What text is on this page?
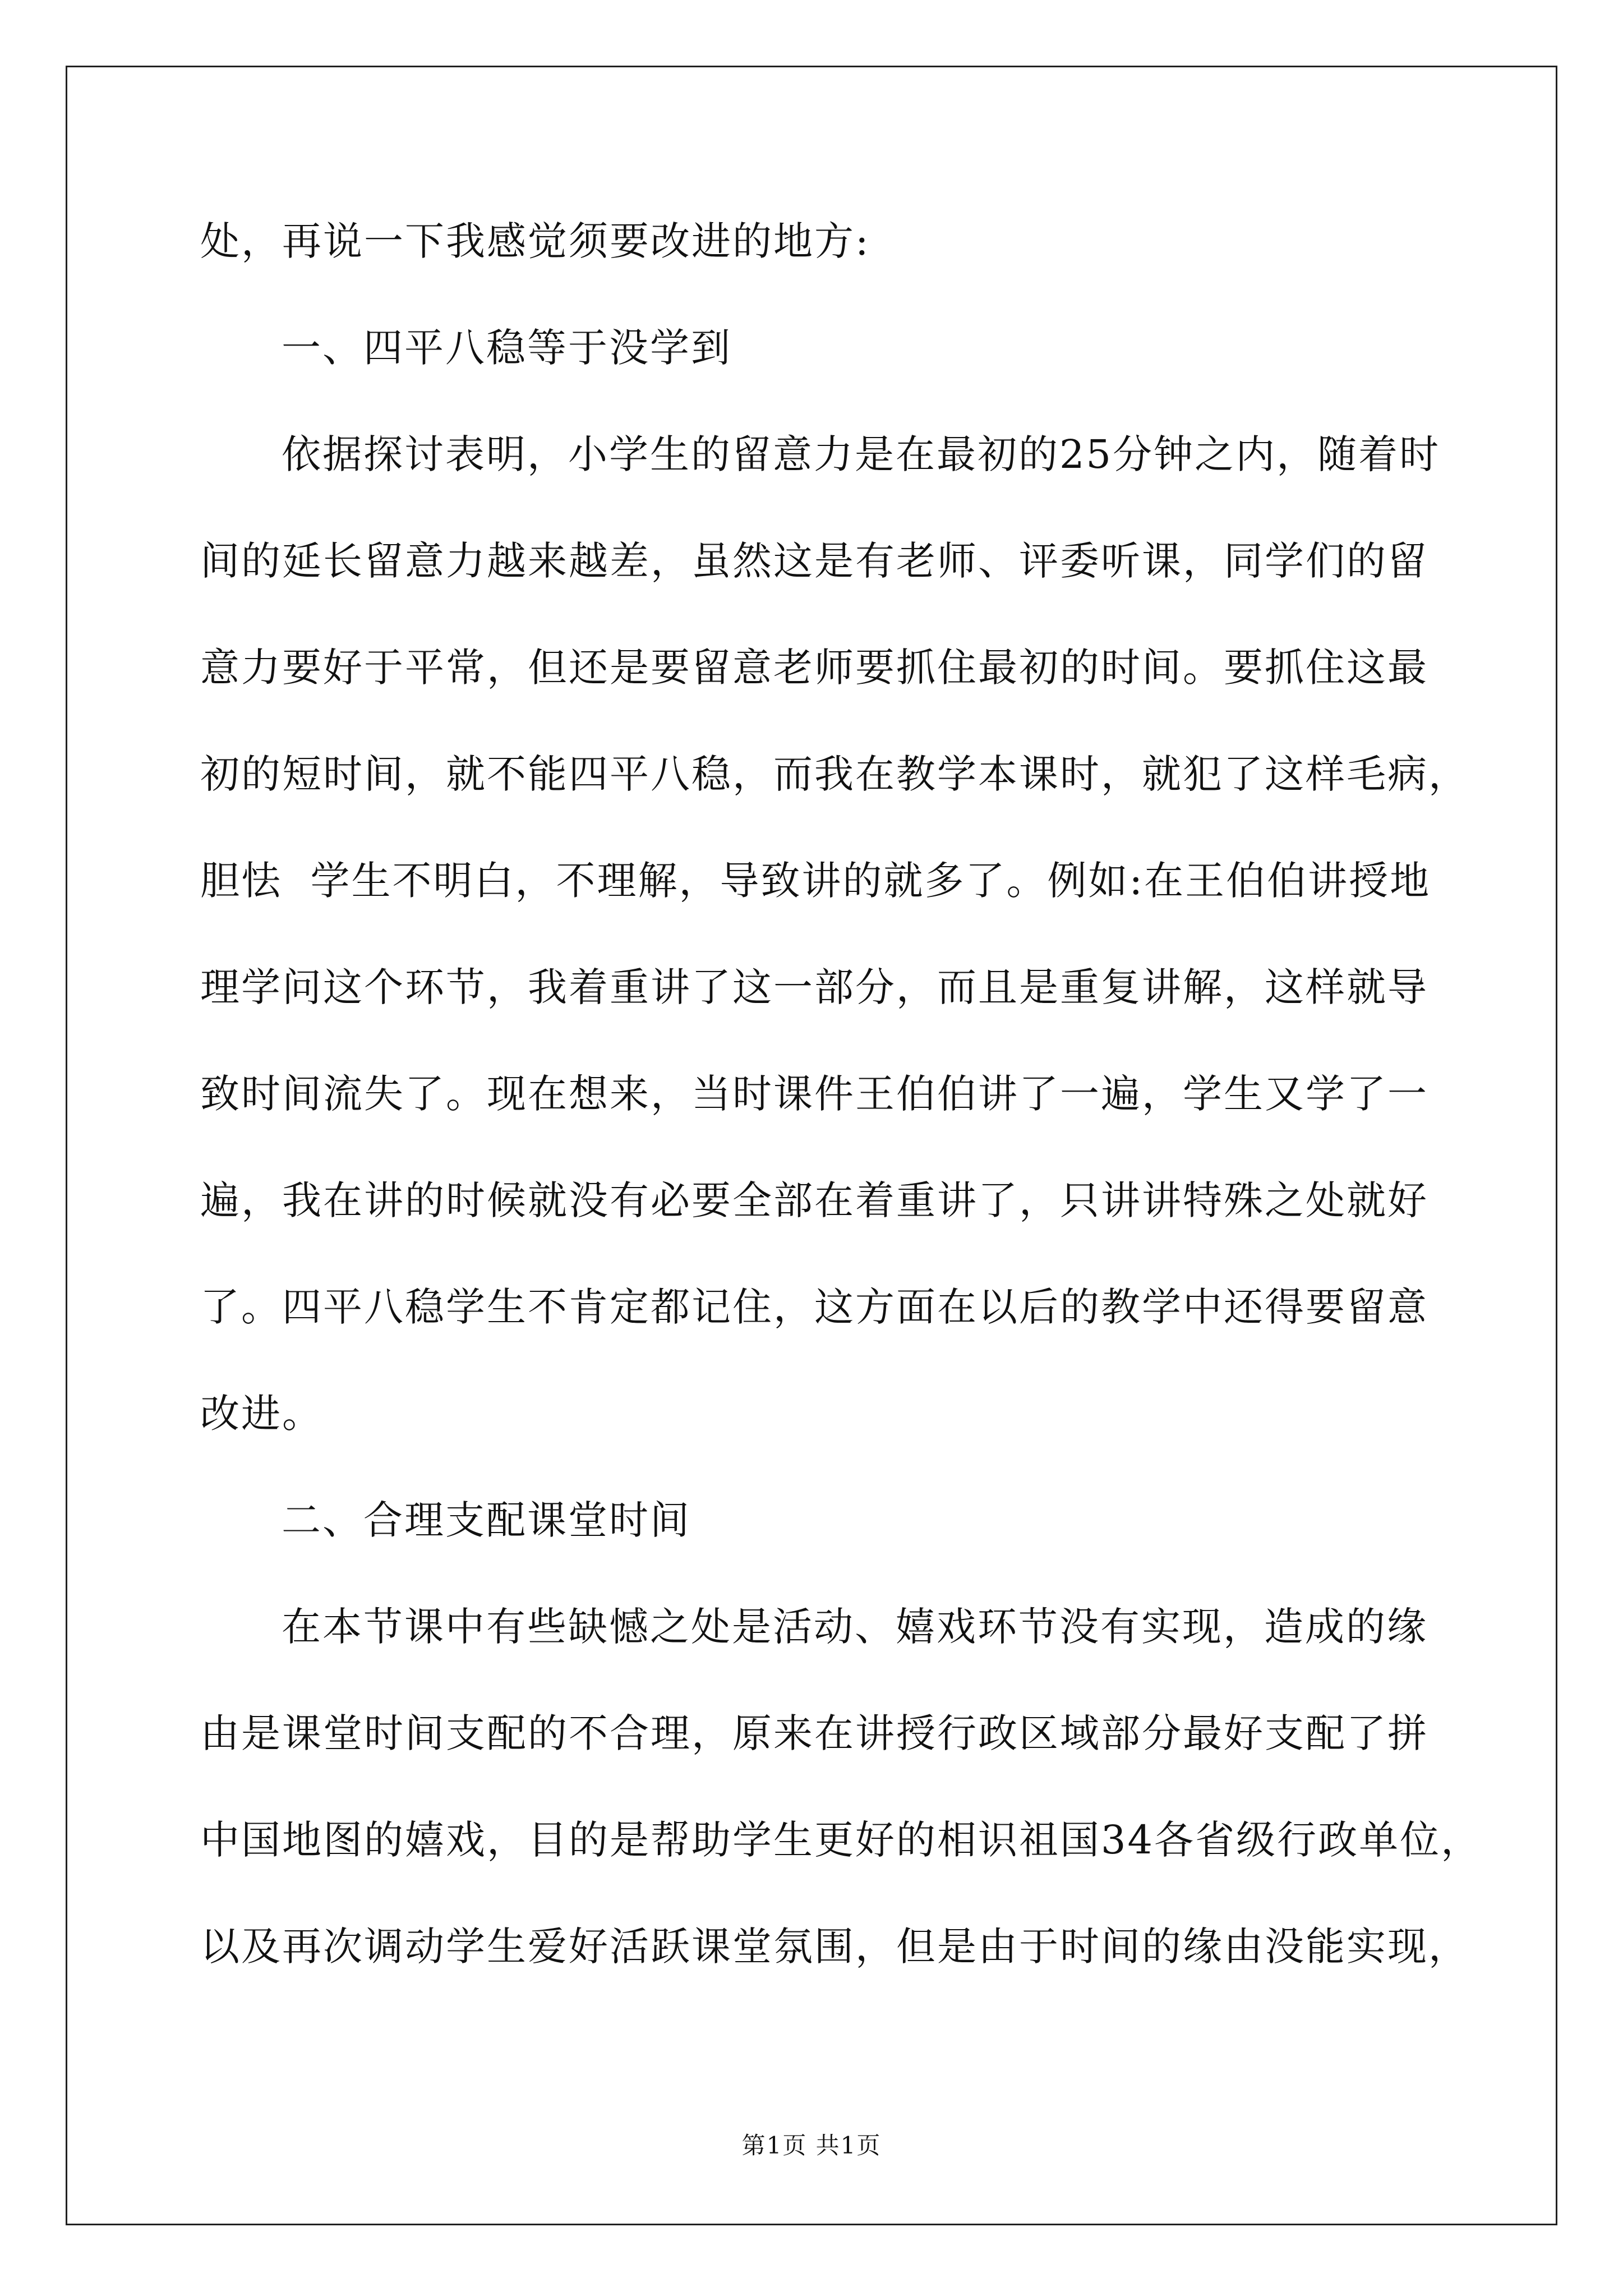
处，再说一下我感觉须要改进的地方:
一、四平八稳等于没学到
依据探讨表明，小学生的留意力是在最初的25分钟之内，随着时
间的延长留意力越来越差，虽然这是有老师、评委听课，同学们的留
意力要好于平常，但还是要留意老师要抓住最初的时间。要抓住这最
初的短时间，就不能四平八稳，而我在教学本课时，就犯了这样毛病，
胆怯  学生不明白，不理解，导致讲的就多了。例如:在王伯伯讲授地
理学问这个环节，我着重讲了这一部分，而且是重复讲解，这样就导
致时间流失了。现在想来，当时课件王伯伯讲了一遍，学生又学了一
遍，我在讲的时候就没有必要全部在着重讲了，只讲讲特殊之处就好
了。四平八稳学生不肯定都记住，这方面在以后的教学中还得要留意
改进。
二、合理支配课堂时间
在本节课中有些缺憾之处是活动、嬉戏环节没有实现，造成的缘
由是课堂时间支配的不合理，原来在讲授行政区域部分最好支配了拼
中国地图的嬉戏，目的是帮助学生更好的相识祖国34各省级行政单位，
以及再次调动学生爱好活跃课堂氛围，但是由于时间的缘由没能实现，
第1页 共1页
